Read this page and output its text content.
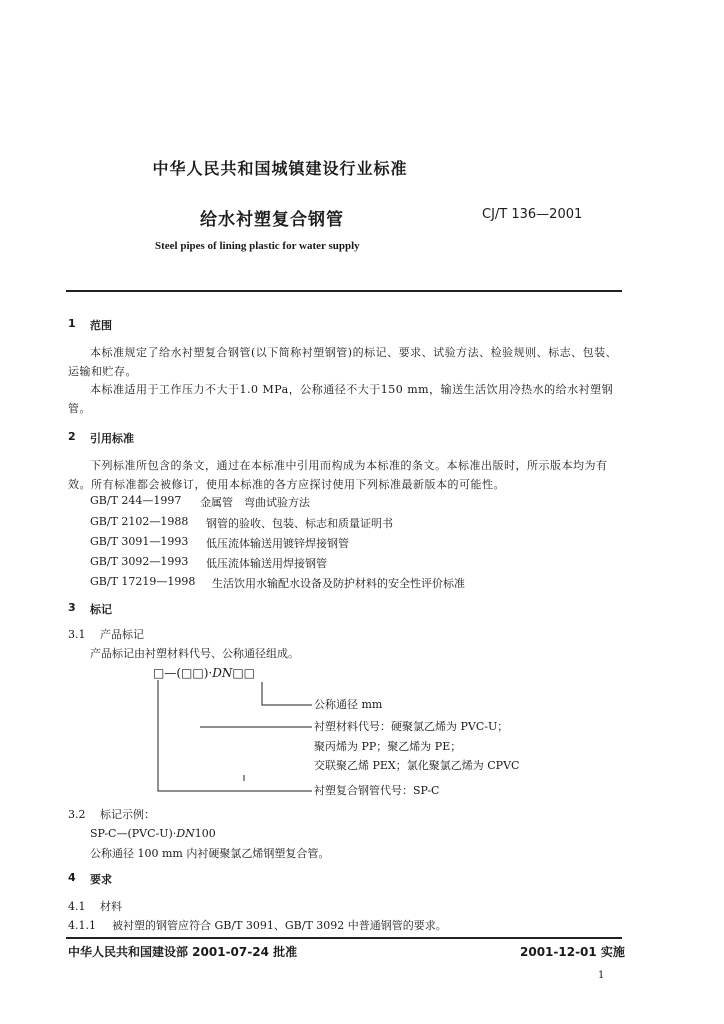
中华人民共和国城镇建设行业标准
给水衬塑复合钢管	CJ/T 136—2001
Steel pipes of lining plastic for water supply
1 范围
本标准规定了给水衬塑复合钢管(以下简称衬塑钢管)的标记、要求、试验方法、检验规则、标志、包装、运输和贮存。
本标准适用于工作压力不大于1.0 MPa，公称通径不大于150 mm，输送生活饮用冷热水的给水衬塑钢管。
2 引用标准
下列标准所包含的条文，通过在本标准中引用而构成为本标准的条文。本标准出版时，所示版本均为有效。所有标准都会被修订，使用本标准的各方应探讨使用下列标准最新版本的可能性。
GB/T 244—1997 金属管　弯曲试验方法
GB/T 2102—1988 钢管的验收、包装、标志和质量证明书
GB/T 3091—1993 低压流体输送用镀锌焊接钢管
GB/T 3092—1993 低压流体输送用焊接钢管
GB/T 17219—1998 生活饮用水输配水设备及防护材料的安全性评价标准
3 标记
3.1 产品标记
产品标记由衬塑材料代号、公称通径组成。
□—(□□)·DN□□
公称通径 mm
衬塑材料代号：硬聚氯乙烯为 PVC-U；
聚丙烯为 PP；聚乙烯为 PE；
交联聚乙烯 PEX；氯化聚氯乙烯为 CPVC
衬塑复合钢管代号：SP-C
3.2 标记示例：
SP-C—(PVC-U)·DN100
公称通径 100 mm 内衬硬聚氯乙烯钢塑复合管。
4 要求
4.1 材料
4.1.1 被衬塑的钢管应符合 GB/T 3091、GB/T 3092 中普通钢管的要求。
中华人民共和国建设部 2001-07-24 批准	2001-12-01 实施
1
